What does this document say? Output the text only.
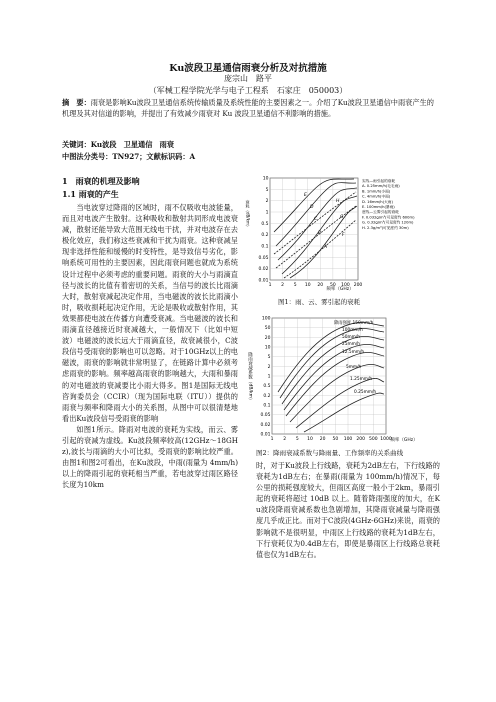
Ku波段卫星通信雨衰分析及对抗措施
庞宗山　路平
（军械工程学院光学与电子工程系　石家庄　050003）
摘　要：雨衰是影响Ku波段卫星通信系统传输质量及系统性能的主要因素之一。介绍了Ku波段卫星通信中雨衰产生的机理及其对信道的影响，并提出了有效减少雨衰对 Ku 波段卫星通信不利影响的措施。
关键词：Ku波段　卫星通信　雨衰
中图法分类号：TN927；文献标识码：A
1　雨衰的机理及影响
1.1 雨衰的产生

当电波穿过降雨的区域时，雨不仅吸收电波能量，而且对电波产生散射。这种吸收和散射共同形成电波衰减，散射还能导致大范围无线电干扰，并对电波存在去极化效应，我们称这些衰减和干扰为雨衰。这种衰减呈现非选择性能和缓慢的时变特性，是导致信号劣化，影响系统可用性的主要因素，因此雨衰问题也就成为系统设计过程中必须考虑的重要问题。雨衰的大小与雨滴直径与波长的比值有着密切的关系，当信号的波长比雨滴大时，散射衰减起决定作用，当电磁波的波长比雨滴小时，吸收损耗起决定作用，无论是吸收或散射作用，其效果都使电波在传播方向遭受衰减。当电磁波的波长和雨滴直径越接近时衰减越大，一般情况下（比如中短波）电磁波的波长远大于雨滴直径，故衰减很小，C波段信号受雨衰的影响也可以忽略。对于10GHz以上的电磁波，雨衰的影响就非常明显了，在链路计算中必须考虑雨衰的影响。频率越高雨衰的影响越大，大雨和暴雨的对电磁波的衰减要比小雨大得多。图1是国际无线电咨询委员会（CCIR）（现为国际电联（ITU））提供的雨衰与频率和降雨大小的关系图，从图中可以很清楚地看出Ku波段信号受雨衰的影响

如图1所示。降雨对电波的衰耗为实线，而云、雾引起的衰减为虚线。Ku波段频率较高(12GHz～18GHz),波长与雨滴的大小可比拟，受雨衰的影响比较严重。由图1和图2可看出，在Ku波段，中雨(雨量为 4mm/h)以上的降雨引起的衰耗相当严重，若电波穿过雨区路径长度为10km

衰耗（dB/km）
10
5
2
1
0.5
0.2
0.1
0.05
0.02
0.01
1 2 5 10 20 50 100 200
频率（GHz）
E
D
C
B
A
H
G
F
实线—雨引起的衰耗
A. 0.25mm/h(毛毛雨)
B. 1mm/h(小雨)
C. 4mm/h(中雨)
D. 16mm/h(大雨)
E. 100mm/h(暴雨)
虚线—云雾引起的衰耗
F. 0.032g/m³(可见度约 600m)
G. 0.32g/m³(可见度约 120m)
H. 2.3g/m³(可见度约 30m)
图1：雨、云、雾引起的衰耗
降雨衰减系数（dB/km）
100
50
20
10
5
2
1
0.5
0.2
0.1
0.05
0.02
0.01
1 2 5 10 20 50 100 200 500 1000
频率（GHz）
降雨强度 150mm/h
100mm/h
50mm/h
25mm/h
12.5mm/h
5mm/h
1.25mm/h
0.25mm/h
图2：降雨衰减系数与降雨量、工作频率的关系曲线

时，对于Ku波段上行线路，衰耗为2dB左右，下行线路的衰耗为1dB左右；在暴雨(雨量为 100mm/h)情况下，每公里的损耗强度较大，但雨区高度一般小于2km，暴雨引起的衰耗将超过 10dB 以上。随着降雨强度的加大，在Ku波段降雨衰减系数也急剧增加，其降雨衰减量与降雨强度几乎成正比。而对于C波段(4GHz-6GHz)来说，雨衰的影响就不是很明显，中雨区上行线路的衰耗为1dB左右，下行衰耗仅为0.4dB左右，即使是暴雨区上行线路总衰耗值也仅为1dB左右。
